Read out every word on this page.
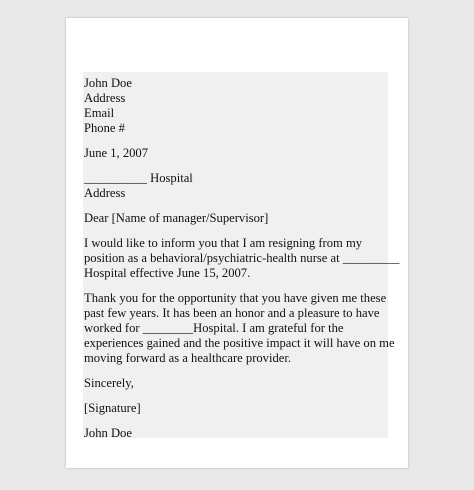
John Doe
Address
Email
Phone #
June 1, 2007
__________ Hospital
Address
Dear [Name of manager/Supervisor]
I would like to inform you that I am resigning from my
position as a behavioral/psychiatric-health nurse at _________
Hospital effective June 15, 2007.
Thank you for the opportunity that you have given me these
past few years. It has been an honor and a pleasure to have
worked for ________Hospital. I am grateful for the
experiences gained and the positive impact it will have on me
moving forward as a healthcare provider.
Sincerely,
[Signature]
John Doe
